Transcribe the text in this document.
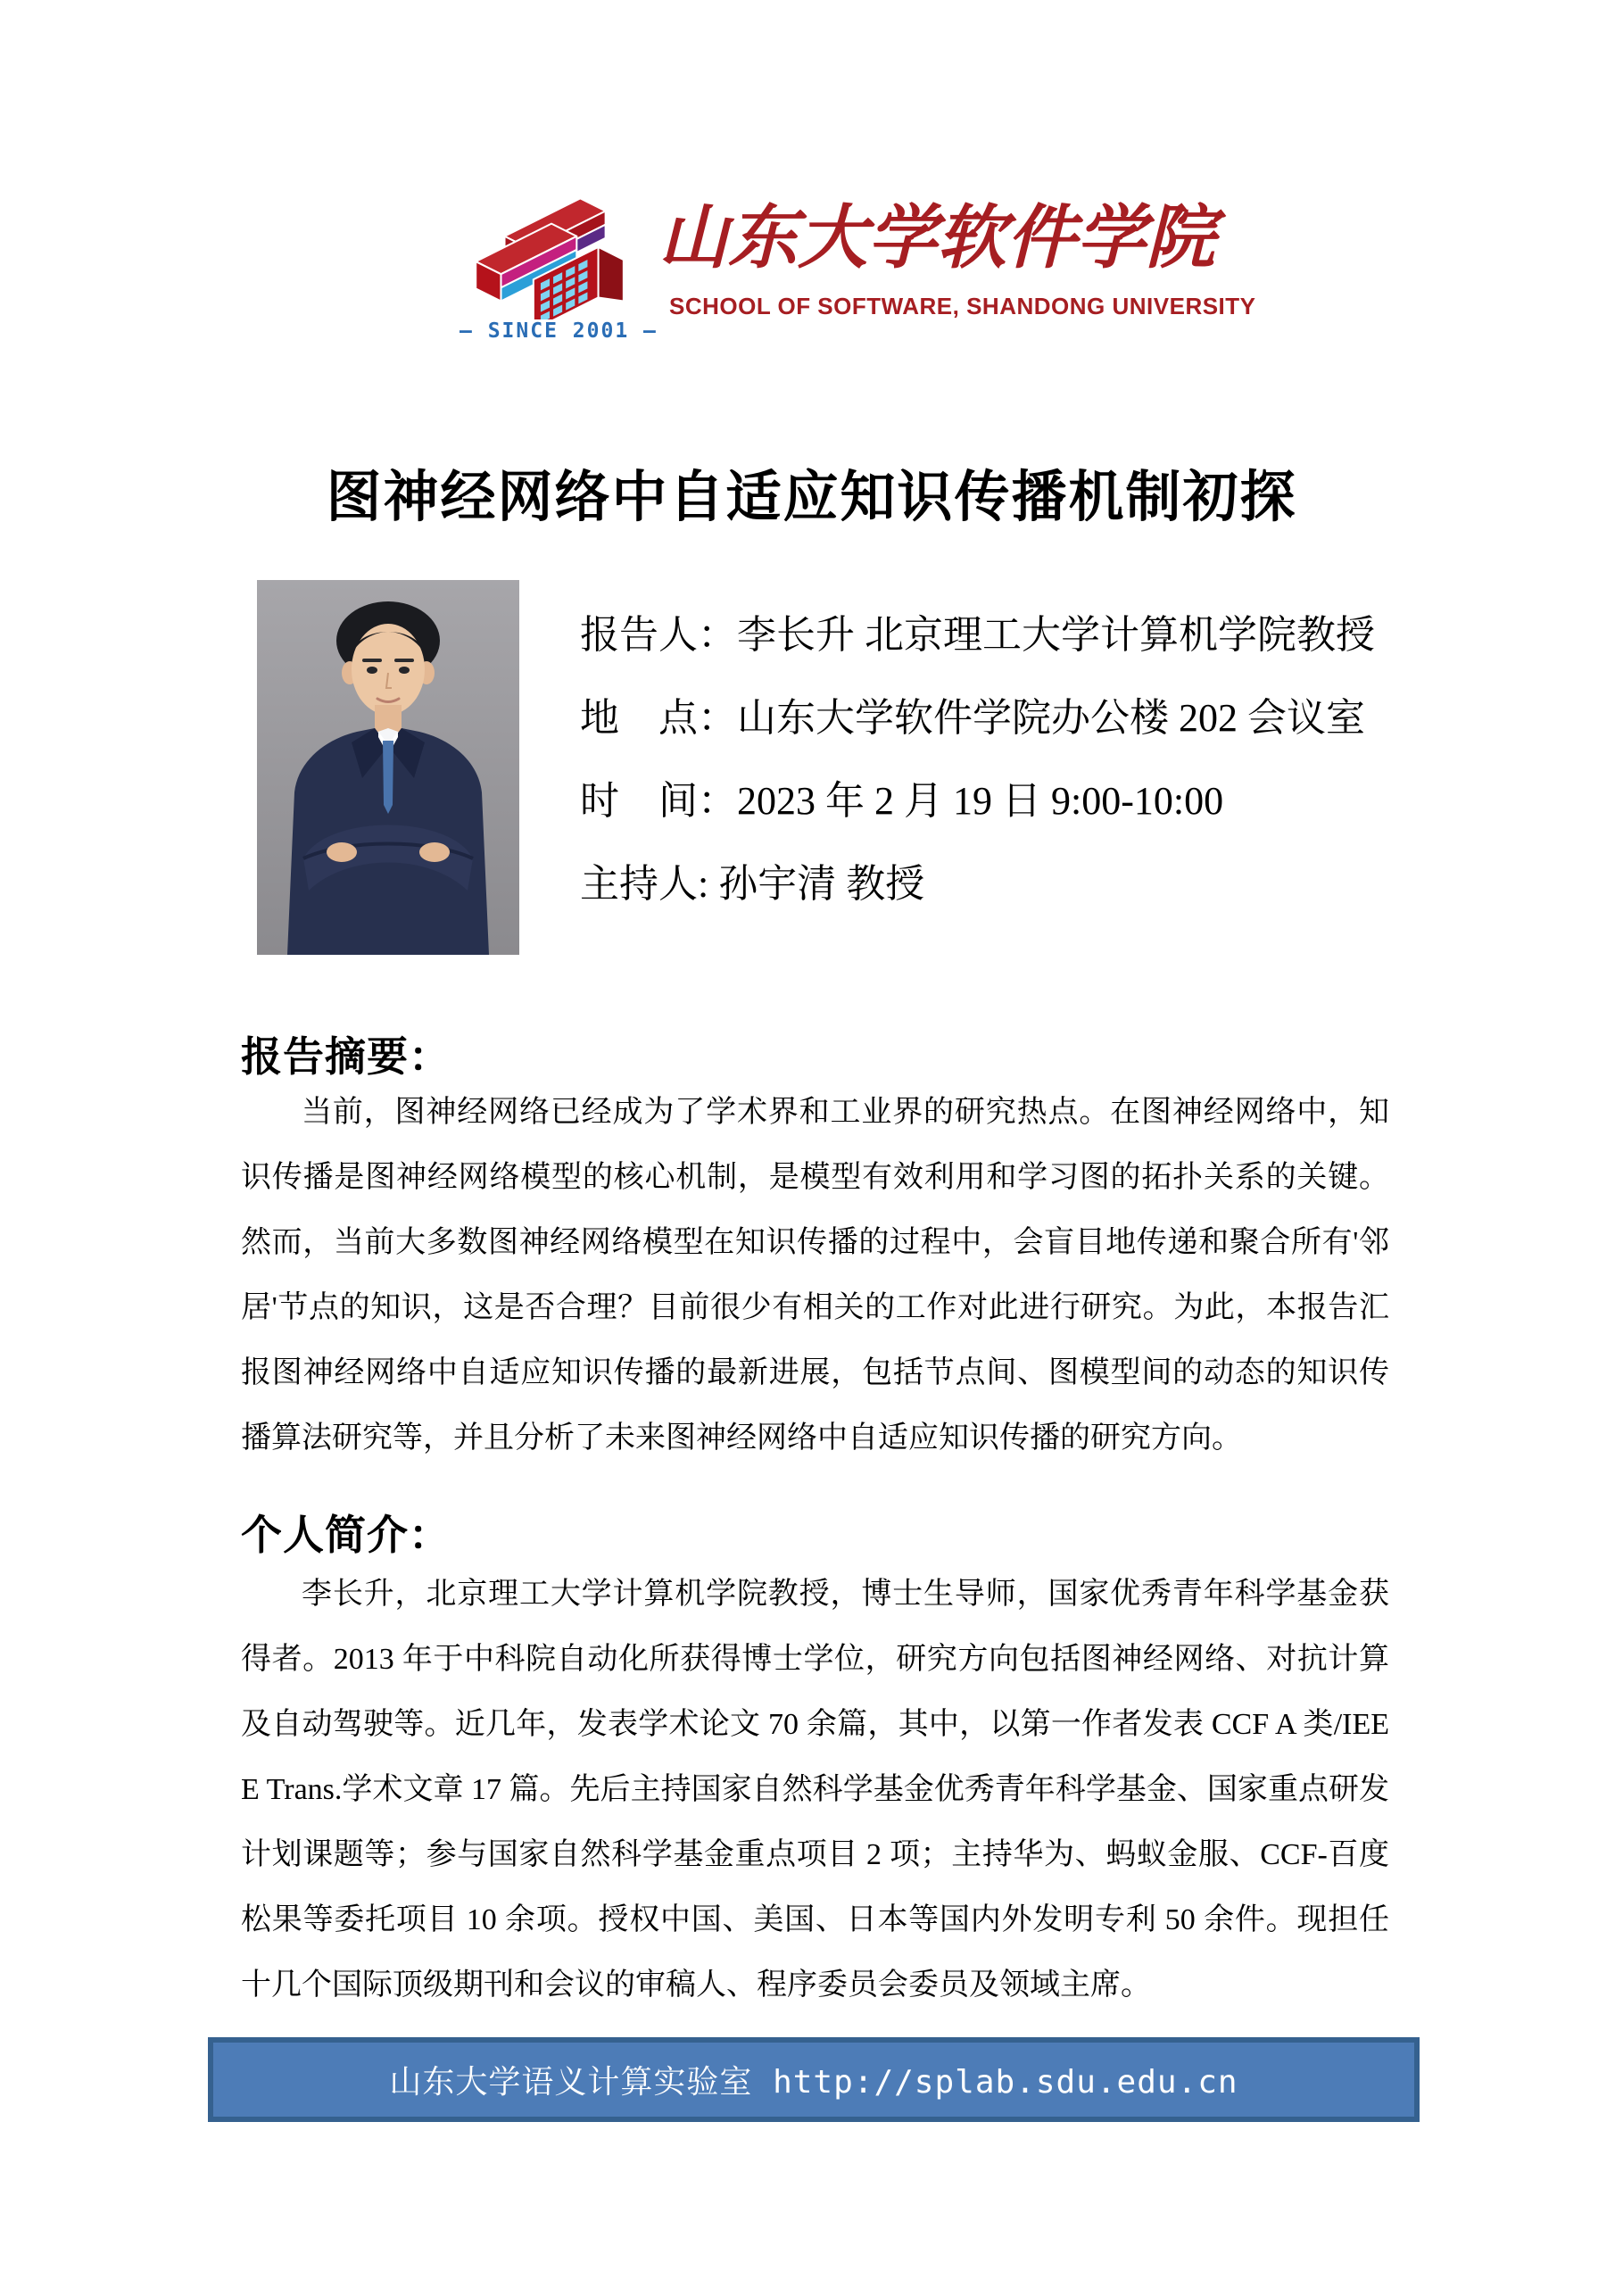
— SINCE 2001 —
山东大学软件学院
SCHOOL OF SOFTWARE, SHANDONG UNIVERSITY
图神经网络中自适应知识传播机制初探
报告人：李长升 北京理工大学计算机学院教授
地　点：山东大学软件学院办公楼 202 会议室
时　间：2023 年 2 月 19 日 9:00-10:00
主持人: 孙宇清 教授
报告摘要：
当前，图神经网络已经成为了学术界和工业界的研究热点。在图神经网络中，知识传播是图神经网络模型的核心机制，是模型有效利用和学习图的拓扑关系的关键。然而，当前大多数图神经网络模型在知识传播的过程中，会盲目地传递和聚合所有'邻居'节点的知识，这是否合理？目前很少有相关的工作对此进行研究。为此，本报告汇报图神经网络中自适应知识传播的最新进展，包括节点间、图模型间的动态的知识传播算法研究等，并且分析了未来图神经网络中自适应知识传播的研究方向。
个人简介：
李长升，北京理工大学计算机学院教授，博士生导师，国家优秀青年科学基金获得者。2013 年于中科院自动化所获得博士学位，研究方向包括图神经网络、对抗计算及自动驾驶等。近几年，发表学术论文 70 余篇，其中，以第一作者发表 CCF A 类/IEEE Trans.学术文章 17 篇。先后主持国家自然科学基金优秀青年科学基金、国家重点研发计划课题等；参与国家自然科学基金重点项目 2 项；主持华为、蚂蚁金服、CCF-百度松果等委托项目 10 余项。授权中国、美国、日本等国内外发明专利 50 余件。现担任十几个国际顶级期刊和会议的审稿人、程序委员会委员及领域主席。
山东大学语义计算实验室 http://splab.sdu.edu.cn
